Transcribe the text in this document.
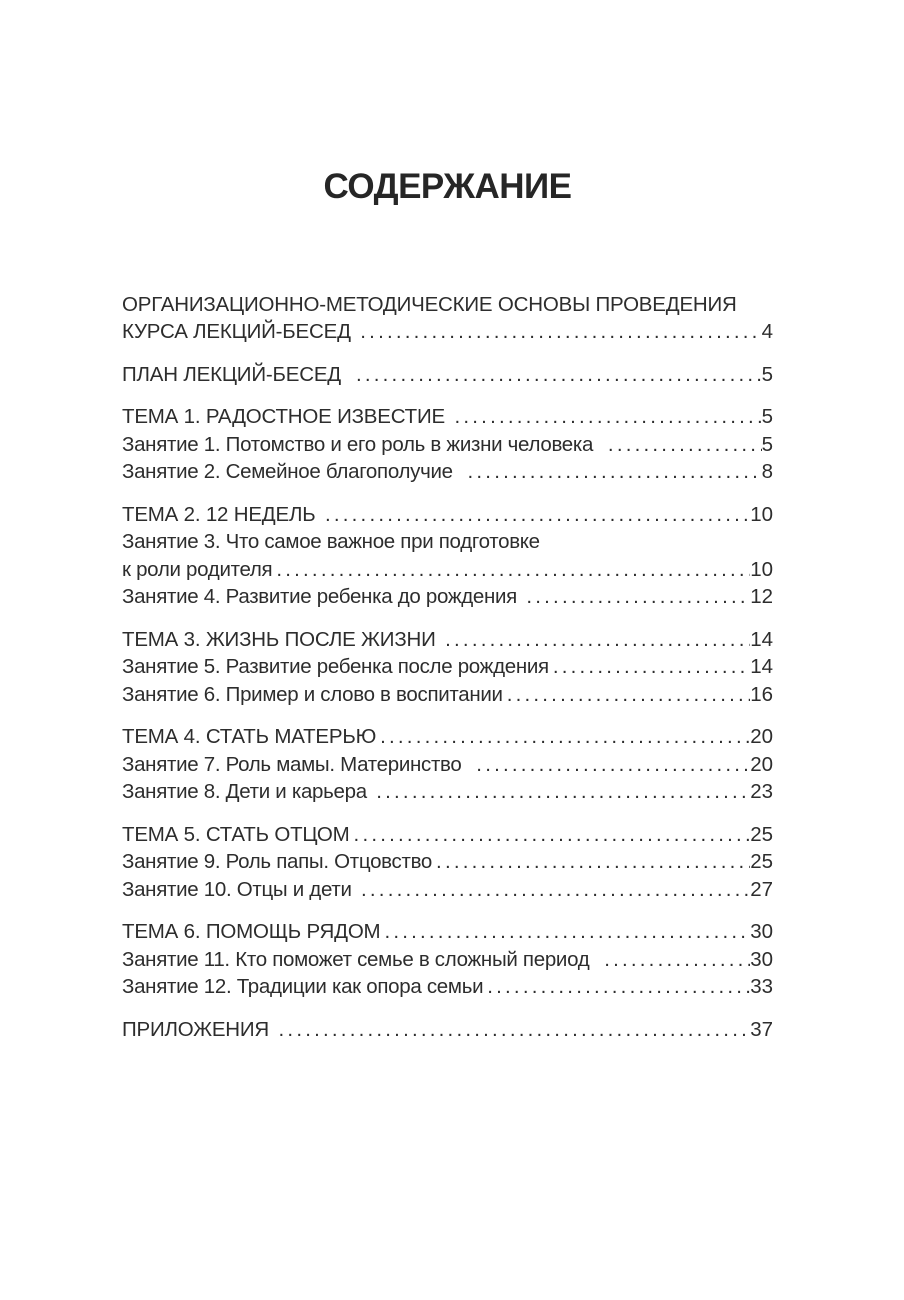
СОДЕРЖАНИЕ
ОРГАНИЗАЦИОННО-МЕТОДИЧЕСКИЕ ОСНОВЫ ПРОВЕДЕНИЯ
КУРСА ЛЕКЦИЙ-БЕСЕД .....	4
ПЛАН ЛЕКЦИЙ-БЕСЕД .....	5
ТЕМА 1. РАДОСТНОЕ ИЗВЕСТИЕ .....	5
Занятие 1. Потомство и его роль в жизни человека .....	5
Занятие 2. Семейное благополучие .....	8
ТЕМА 2. 12 НЕДЕЛЬ .....	10
Занятие 3. Что самое важное при подготовке
к роли родителя .....	10
Занятие 4. Развитие ребенка до рождения .....	12
ТЕМА 3. ЖИЗНЬ ПОСЛЕ ЖИЗНИ .....	14
Занятие 5. Развитие ребенка после рождения .....	14
Занятие 6. Пример и слово в воспитании .....	16
ТЕМА 4. СТАТЬ МАТЕРЬЮ .....	20
Занятие 7. Роль мамы. Материнство .....	20
Занятие 8. Дети и карьера .....	23
ТЕМА 5. СТАТЬ ОТЦОМ .....	25
Занятие 9. Роль папы. Отцовство .....	25
Занятие 10. Отцы и дети .....	27
ТЕМА 6. ПОМОЩЬ РЯДОМ .....	30
Занятие 11. Кто поможет семье в сложный период .....	30
Занятие 12. Традиции как опора семьи .....	33
ПРИЛОЖЕНИЯ .....	37
